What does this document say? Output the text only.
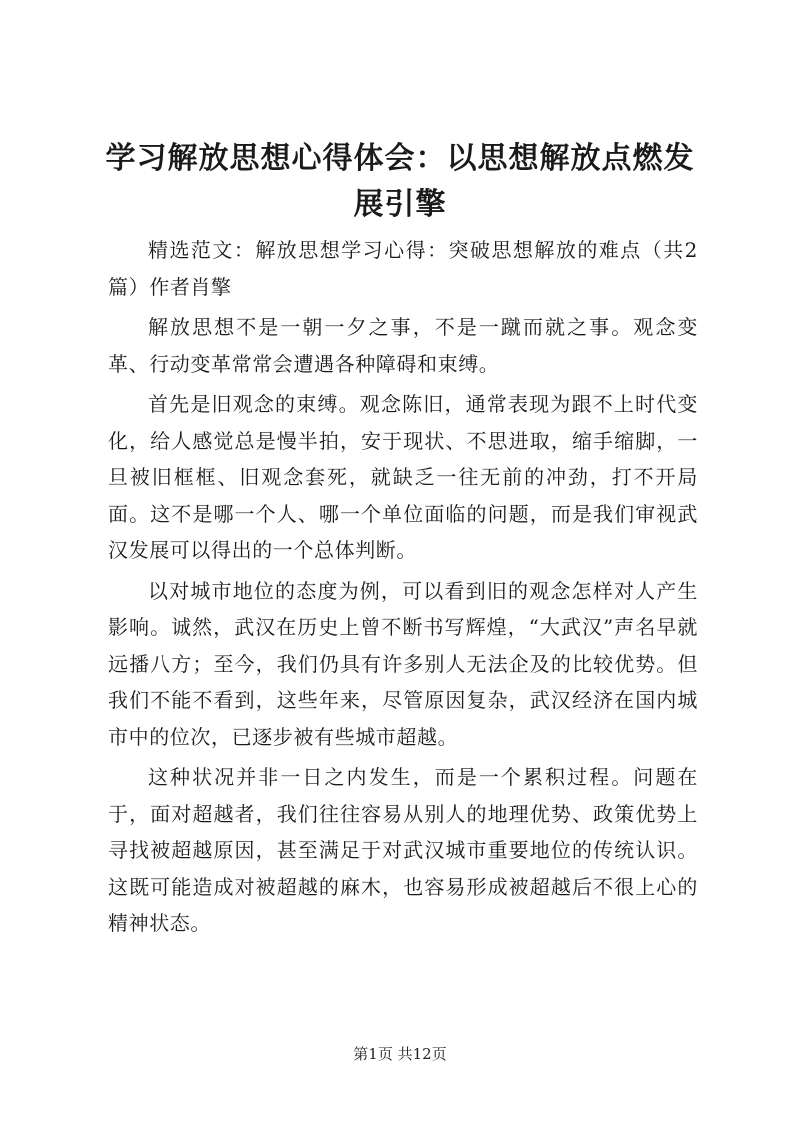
学习解放思想心得体会：以思想解放点燃发展引擎

精选范文：解放思想学习心得：突破思想解放的难点（共2篇）作者肖擎

解放思想不是一朝一夕之事，不是一蹴而就之事。观念变革、行动变革常常会遭遇各种障碍和束缚。

首先是旧观念的束缚。观念陈旧，通常表现为跟不上时代变化，给人感觉总是慢半拍，安于现状、不思进取，缩手缩脚，一旦被旧框框、旧观念套死，就缺乏一往无前的冲劲，打不开局面。这不是哪一个人、哪一个单位面临的问题，而是我们审视武汉发展可以得出的一个总体判断。

以对城市地位的态度为例，可以看到旧的观念怎样对人产生影响。诚然，武汉在历史上曾不断书写辉煌，“大武汉”声名早就远播八方；至今，我们仍具有许多别人无法企及的比较优势。但我们不能不看到，这些年来，尽管原因复杂，武汉经济在国内城市中的位次，已逐步被有些城市超越。

这种状况并非一日之内发生，而是一个累积过程。问题在于，面对超越者，我们往往容易从别人的地理优势、政策优势上寻找被超越原因，甚至满足于对武汉城市重要地位的传统认识。这既可能造成对被超越的麻木，也容易形成被超越后不很上心的精神状态。

第1页 共12页
